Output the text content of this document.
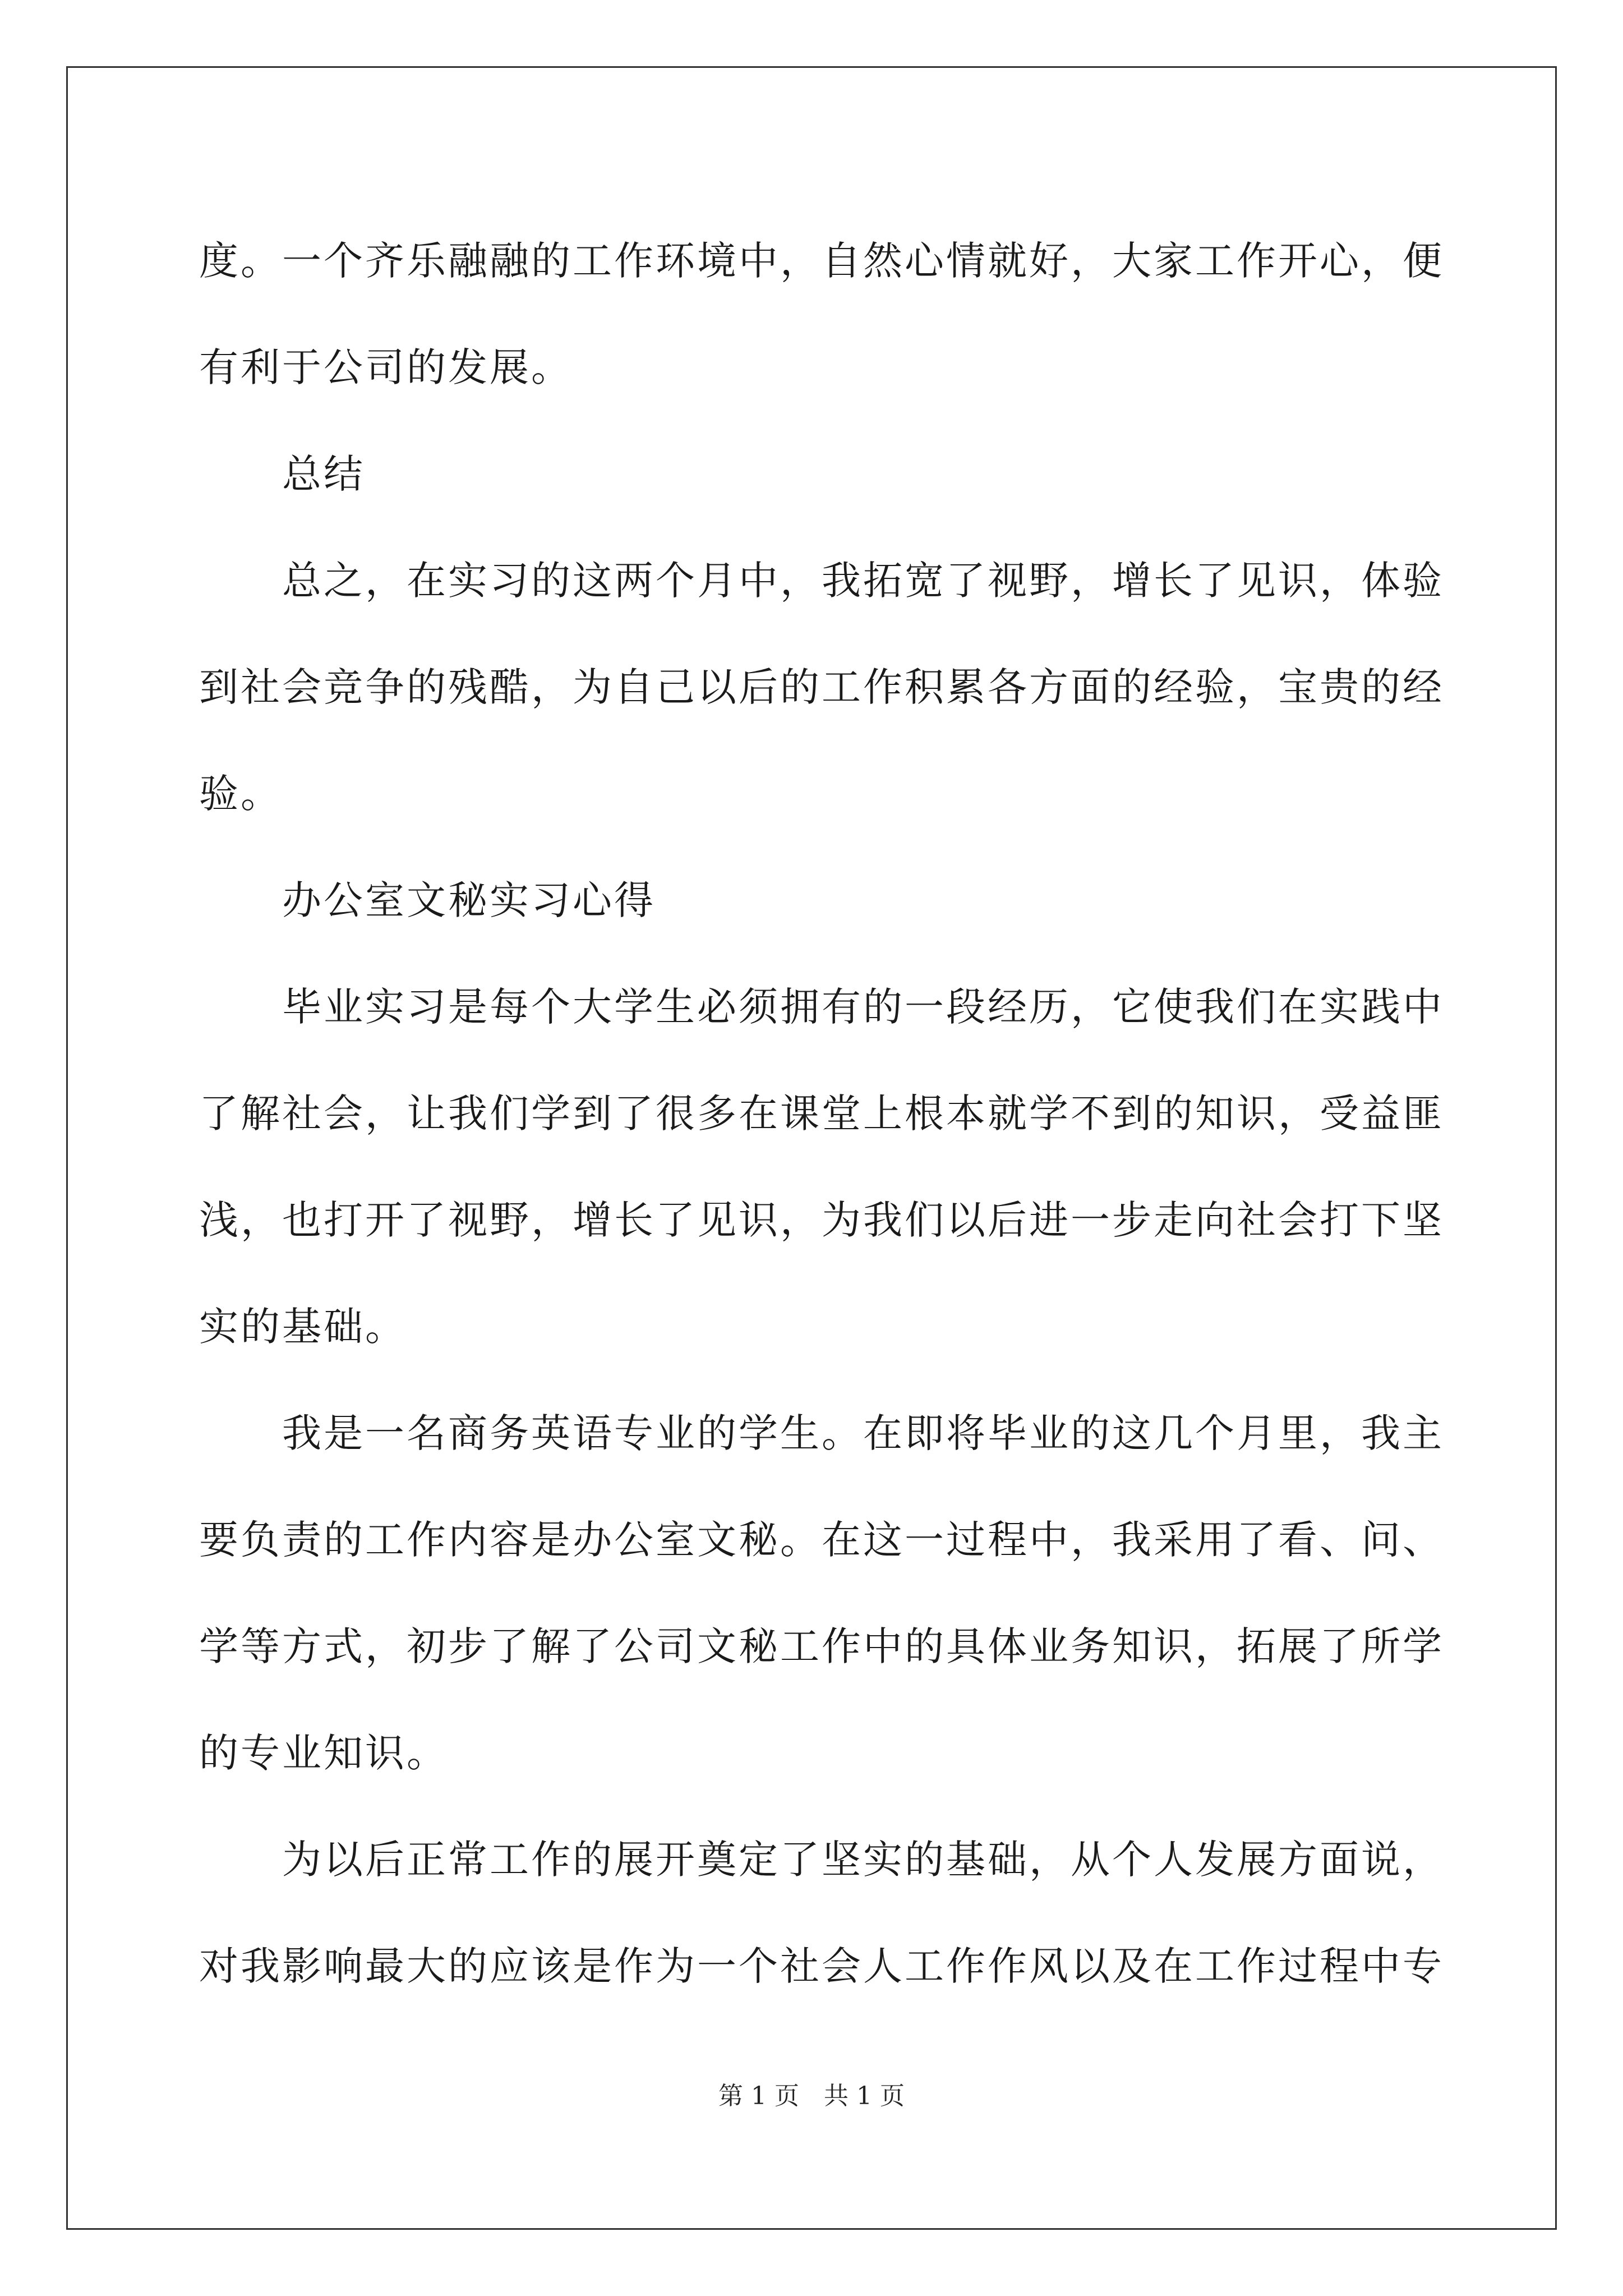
度。一个齐乐融融的工作环境中，自然心情就好，大家工作开心，便
有利于公司的发展。
　　总结
　　总之，在实习的这两个月中，我拓宽了视野，增长了见识，体验
到社会竞争的残酷，为自己以后的工作积累各方面的经验，宝贵的经
验。
　　办公室文秘实习心得
　　毕业实习是每个大学生必须拥有的一段经历，它使我们在实践中
了解社会，让我们学到了很多在课堂上根本就学不到的知识，受益匪
浅，也打开了视野，增长了见识，为我们以后进一步走向社会打下坚
实的基础。
　　我是一名商务英语专业的学生。在即将毕业的这几个月里，我主
要负责的工作内容是办公室文秘。在这一过程中，我采用了看、问、
学等方式，初步了解了公司文秘工作中的具体业务知识，拓展了所学
的专业知识。
　　为以后正常工作的展开奠定了坚实的基础，从个人发展方面说，
对我影响最大的应该是作为一个社会人工作作风以及在工作过程中专
第 1 页　共 1 页
